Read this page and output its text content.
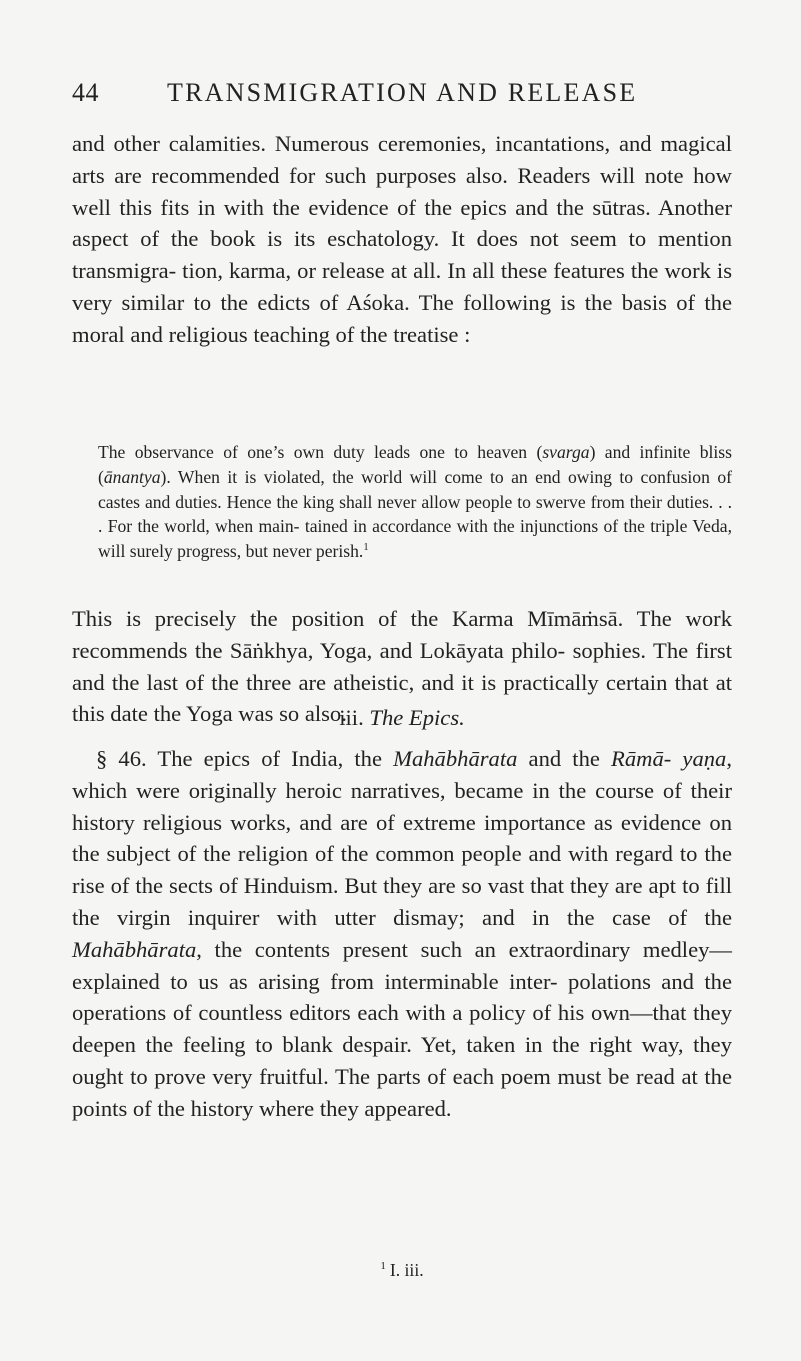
44	TRANSMIGRATION AND RELEASE

and other calamities. Numerous ceremonies, incantations, and magical arts are recommended for such purposes also. Readers will note how well this fits in with the evidence of the epics and the sūtras. Another aspect of the book is its eschatology. It does not seem to mention transmigra- tion, karma, or release at all. In all these features the work is very similar to the edicts of Aśoka. The following is the basis of the moral and religious teaching of the treatise :

The observance of one’s own duty leads one to heaven (svarga) and infinite bliss (ānantya). When it is violated, the world will come to an end owing to confusion of castes and duties. Hence the king shall never allow people to swerve from their duties. . . . For the world, when main- tained in accordance with the injunctions of the triple Veda, will surely progress, but never perish.$^1$

This is precisely the position of the Karma Mīmāṁsā. The work recommends the Sāṅkhya, Yoga, and Lokāyata philo- sophies. The first and the last of the three are atheistic, and it is practically certain that at this date the Yoga was so also.

iii. The Epics.

§ 46. The epics of India, the Mahābhārata and the Rāmā- yaṇa, which were originally heroic narratives, became in the course of their history religious works, and are of extreme importance as evidence on the subject of the religion of the common people and with regard to the rise of the sects of Hinduism. But they are so vast that they are apt to fill the virgin inquirer with utter dismay; and in the case of the Mahābhārata, the contents present such an extraordinary medley—explained to us as arising from interminable inter- polations and the operations of countless editors each with a policy of his own—that they deepen the feeling to blank despair. Yet, taken in the right way, they ought to prove very fruitful. The parts of each poem must be read at the points of the history where they appeared.

$^1$ I. iii.
